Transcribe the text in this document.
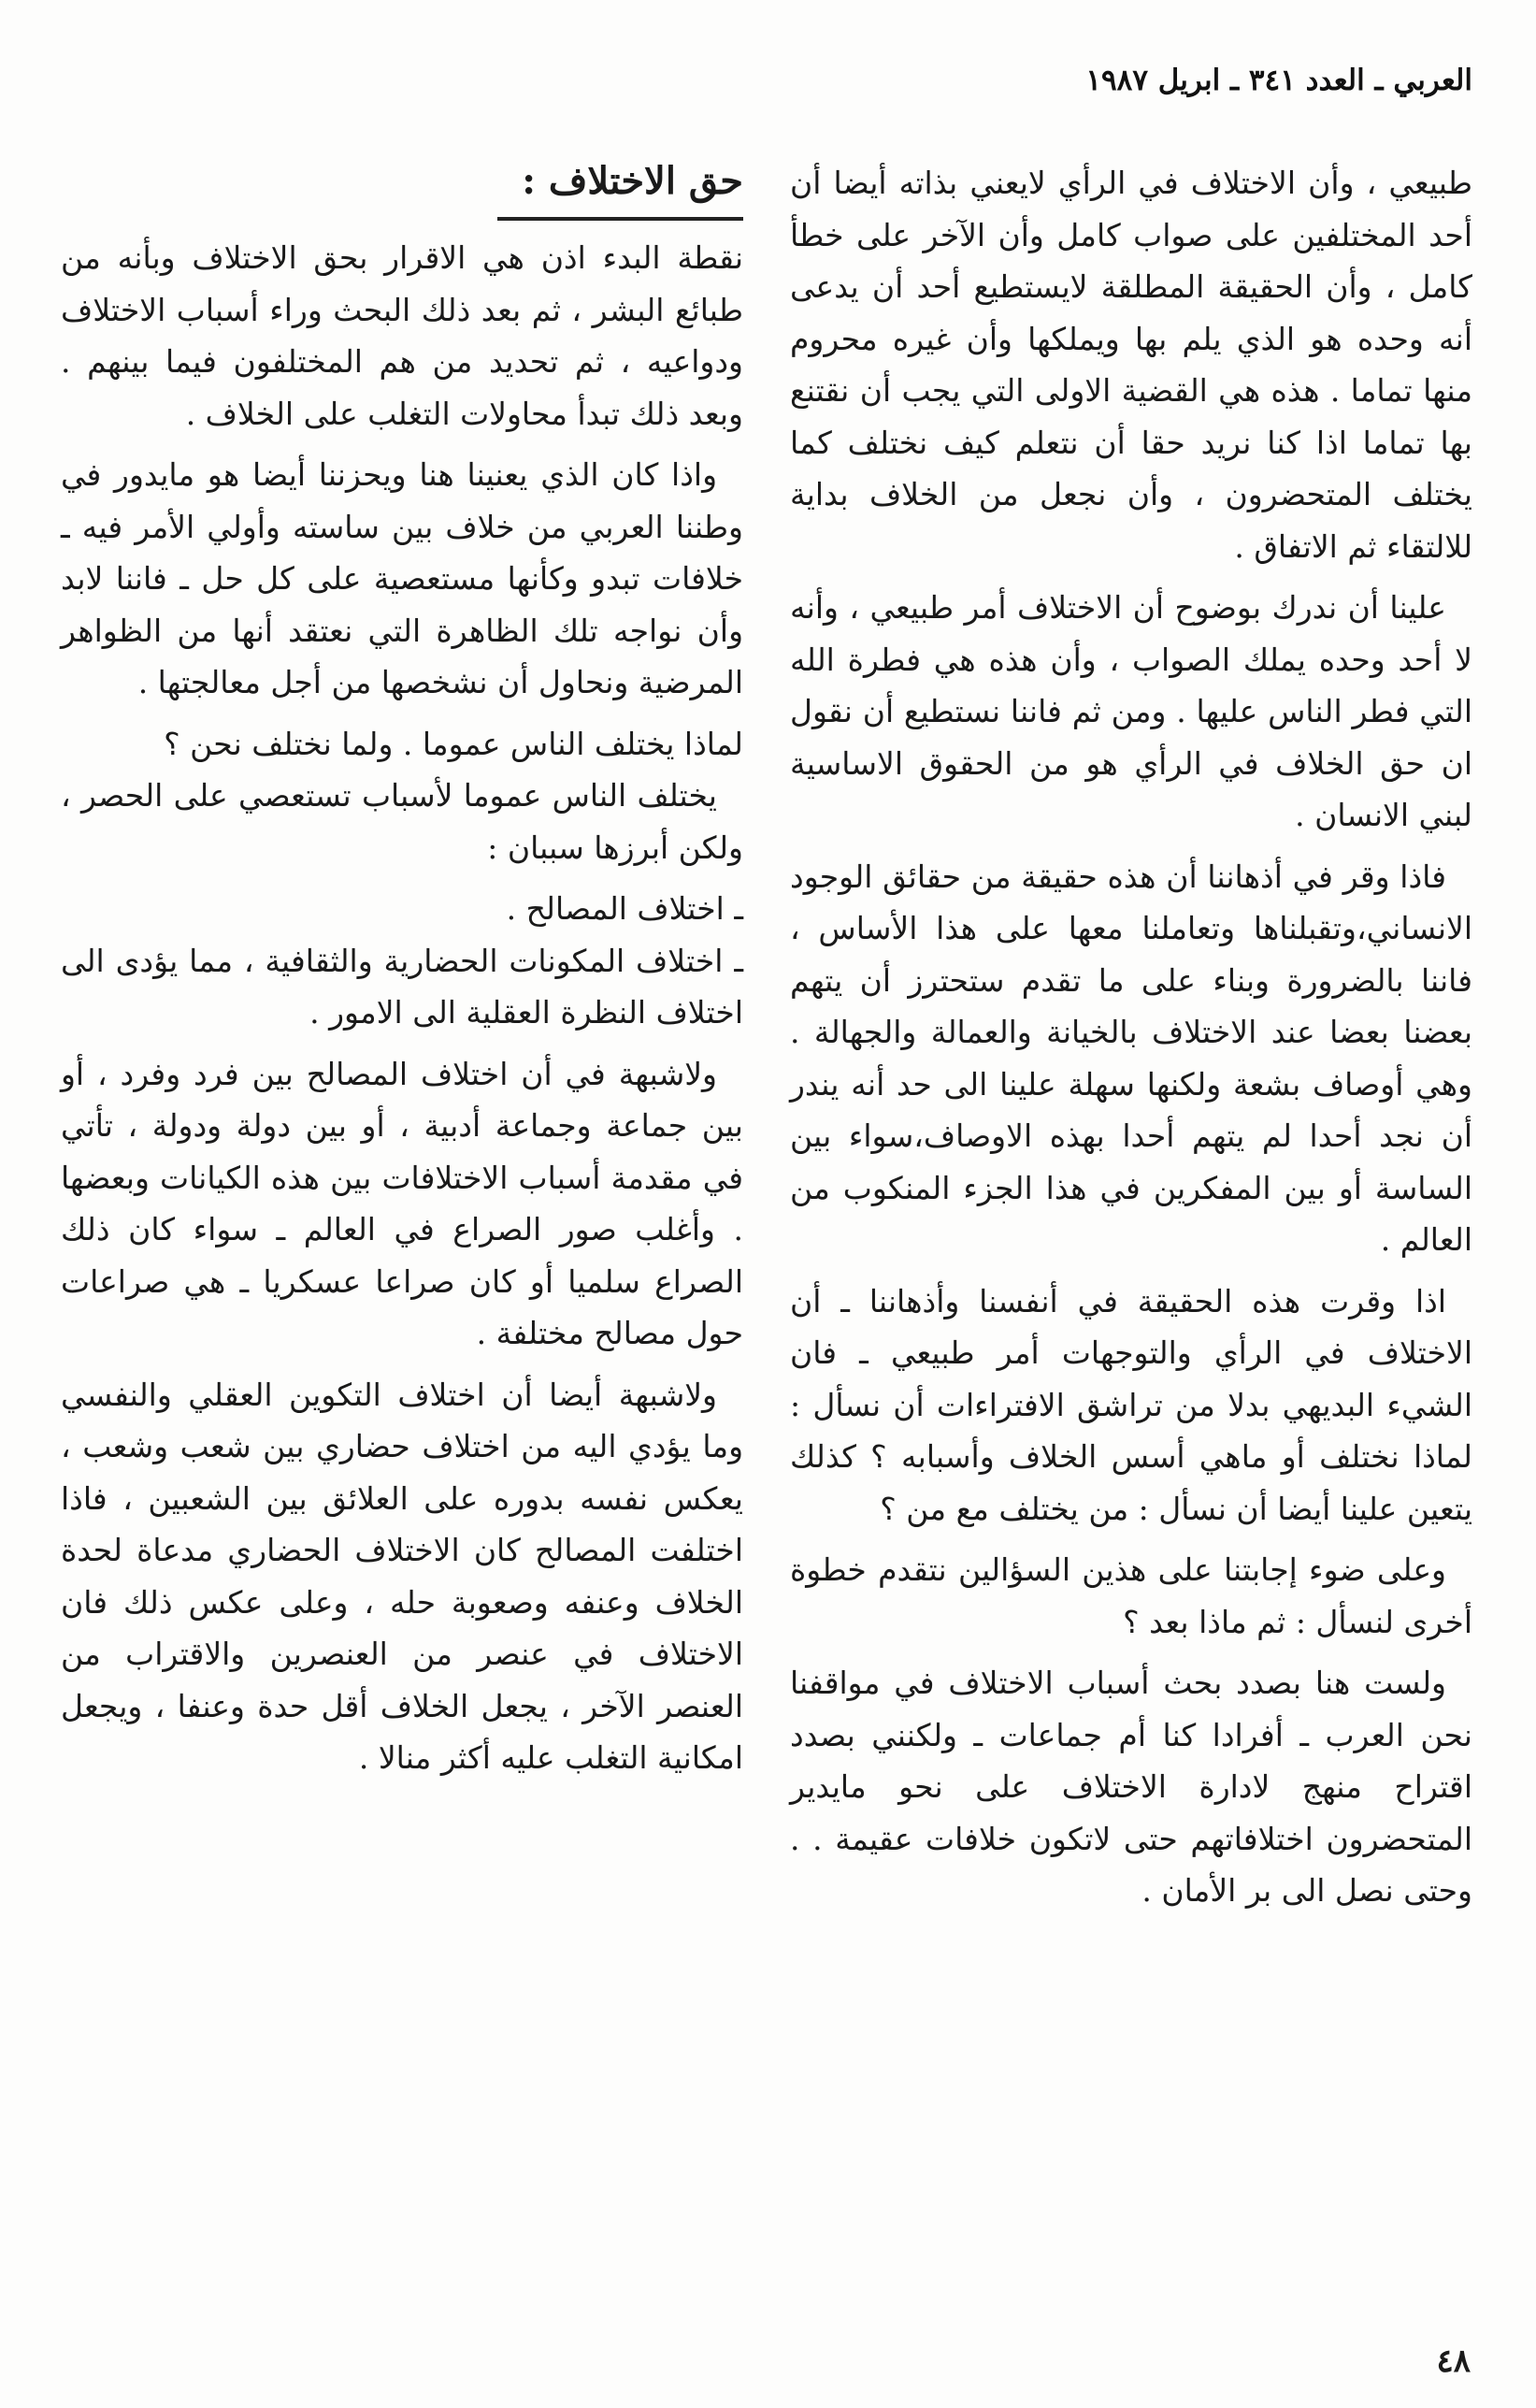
العربي ـ العدد ٣٤١ ـ ابريل ١٩٨٧

طبيعي ، وأن الاختلاف في الرأي لايعني بذاته أيضا أن أحد المختلفين على صواب كامل وأن الآخر على خطأ كامل ، وأن الحقيقة المطلقة لايستطيع أحد أن يدعى أنه وحده هو الذي يلم بها ويملكها وأن غيره محروم منها تماما . هذه هي القضية الاولى التي يجب أن نقتنع بها تماما اذا كنا نريد حقا أن نتعلم كيف نختلف كما يختلف المتحضرون ، وأن نجعل من الخلاف بداية للالتقاء ثم الاتفاق .

علينا أن ندرك بوضوح أن الاختلاف أمر طبيعي ، وأنه لا أحد وحده يملك الصواب ، وأن هذه هي فطرة الله التي فطر الناس عليها . ومن ثم فاننا نستطيع أن نقول ان حق الخلاف في الرأي هو من الحقوق الاساسية لبني الانسان .

فاذا وقر في أذهاننا أن هذه حقيقة من حقائق الوجود الانساني،وتقبلناها وتعاملنا معها على هذا الأساس ، فاننا بالضرورة وبناء على ما تقدم ستحترز أن يتهم بعضنا بعضا عند الاختلاف بالخيانة والعمالة والجهالة . وهي أوصاف بشعة ولكنها سهلة علينا الى حد أنه يندر أن نجد أحدا لم يتهم أحدا بهذه الاوصاف،سواء بين الساسة أو بين المفكرين في هذا الجزء المنكوب من العالم .

اذا وقرت هذه الحقيقة في أنفسنا وأذهاننا ـ أن الاختلاف في الرأي والتوجهات أمر طبيعي ـ فان الشيء البديهي بدلا من تراشق الافتراءات أن نسأل : لماذا نختلف أو ماهي أسس الخلاف وأسبابه ؟ كذلك يتعين علينا أيضا أن نسأل : من يختلف مع من ؟

وعلى ضوء إجابتنا على هذين السؤالين نتقدم خطوة أخرى لنسأل : ثم ماذا بعد ؟

ولست هنا بصدد بحث أسباب الاختلاف في مواقفنا نحن العرب ـ أفرادا كنا أم جماعات ـ ولكنني بصدد اقتراح منهج لادارة الاختلاف على نحو مايدير المتحضرون اختلافاتهم حتى لاتكون خلافات عقيمة . . وحتى نصل الى بر الأمان .

حق الاختلاف :

نقطة البدء اذن هي الاقرار بحق الاختلاف وبأنه من طبائع البشر ، ثم بعد ذلك البحث وراء أسباب الاختلاف ودواعيه ، ثم تحديد من هم المختلفون فيما بينهم . وبعد ذلك تبدأ محاولات التغلب على الخلاف .

واذا كان الذي يعنينا هنا ويحزننا أيضا هو مايدور في وطننا العربي من خلاف بين ساسته وأولي الأمر فيه ـ خلافات تبدو وكأنها مستعصية على كل حل ـ فاننا لابد وأن نواجه تلك الظاهرة التي نعتقد أنها من الظواهر المرضية ونحاول أن نشخصها من أجل معالجتها .

لماذا يختلف الناس عموما . ولما نختلف نحن ؟

يختلف الناس عموما لأسباب تستعصي على الحصر ، ولكن أبرزها سببان :

ـ اختلاف المصالح .

ـ اختلاف المكونات الحضارية والثقافية ، مما يؤدى الى اختلاف النظرة العقلية الى الامور .

ولاشبهة في أن اختلاف المصالح بين فرد وفرد ، أو بين جماعة وجماعة أدبية ، أو بين دولة ودولة ، تأتي في مقدمة أسباب الاختلافات بين هذه الكيانات وبعضها . وأغلب صور الصراع في العالم ـ سواء كان ذلك الصراع سلميا أو كان صراعا عسكريا ـ هي صراعات حول مصالح مختلفة .

ولاشبهة أيضا أن اختلاف التكوين العقلي والنفسي وما يؤدي اليه من اختلاف حضاري بين شعب وشعب ، يعكس نفسه بدوره على العلائق بين الشعبين ، فاذا اختلفت المصالح كان الاختلاف الحضاري مدعاة لحدة الخلاف وعنفه وصعوبة حله ، وعلى عكس ذلك فان الاختلاف في عنصر من العنصرين والاقتراب من العنصر الآخر ، يجعل الخلاف أقل حدة وعنفا ، ويجعل امكانية التغلب عليه أكثر منالا .

٤٨
